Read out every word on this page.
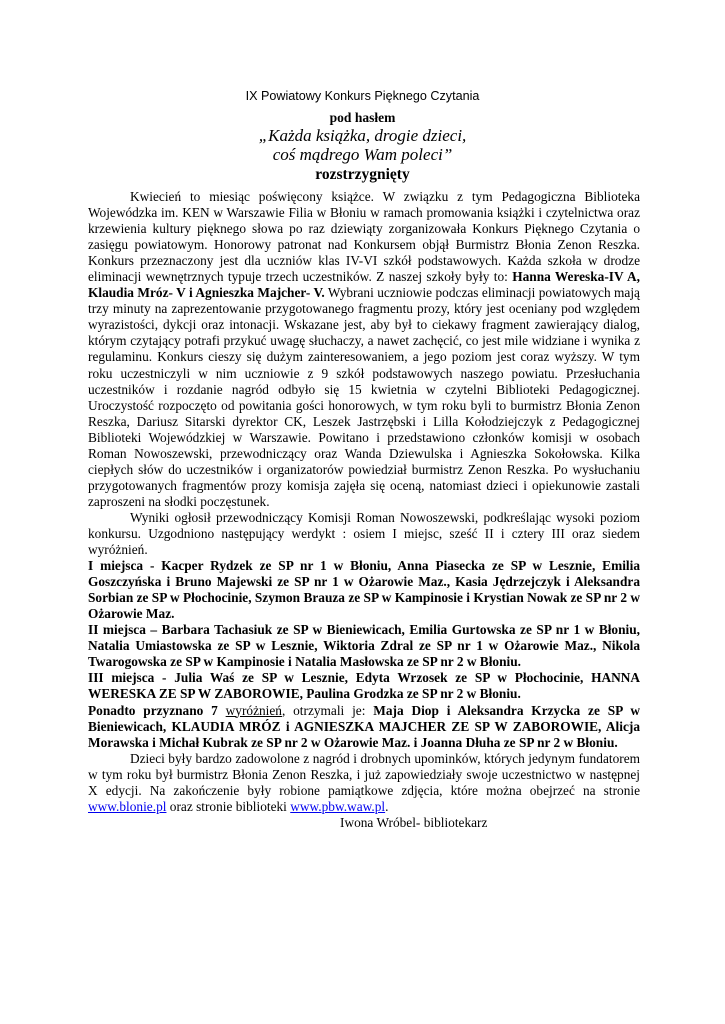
IX Powiatowy Konkurs Pięknego Czytania
pod hasłem
„Każda książka, drogie dzieci,
coś mądrego Wam poleci”
rozstrzygnięty

Kwiecień to miesiąc poświęcony książce. W związku z tym Pedagogiczna Biblioteka Wojewódzka im. KEN w Warszawie Filia w Błoniu w ramach promowania książki i czytelnictwa oraz krzewienia kultury pięknego słowa po raz dziewiąty zorganizowała Konkurs Pięknego Czytania o zasięgu powiatowym. Honorowy patronat nad Konkursem objął Burmistrz Błonia Zenon Reszka. Konkurs przeznaczony jest dla uczniów klas IV-VI szkół podstawowych. Każda szkoła w drodze eliminacji wewnętrznych typuje trzech uczestników. Z naszej szkoły były to: Hanna Wereska-IV A, Klaudia Mróz- V i Agnieszka Majcher- V. Wybrani uczniowie podczas eliminacji powiatowych mają trzy minuty na zaprezentowanie przygotowanego fragmentu prozy, który jest oceniany pod względem wyrazistości, dykcji oraz intonacji. Wskazane jest, aby był to ciekawy fragment zawierający dialog, którym czytający potrafi przykuć uwagę słuchaczy, a nawet zachęcić, co jest mile widziane i wynika z regulaminu. Konkurs cieszy się dużym zainteresowaniem, a jego poziom jest coraz wyższy. W tym roku uczestniczyli w nim uczniowie z 9 szkół podstawowych naszego powiatu. Przesłuchania uczestników i rozdanie nagród odbyło się 15 kwietnia w czytelni Biblioteki Pedagogicznej. Uroczystość rozpoczęto od powitania gości honorowych, w tym roku byli to burmistrz Błonia Zenon Reszka, Dariusz Sitarski dyrektor CK, Leszek Jastrzębski i Lilla Kołodziejczyk z Pedagogicznej Biblioteki Wojewódzkiej w Warszawie. Powitano i przedstawiono członków komisji w osobach Roman Nowoszewski, przewodniczący oraz Wanda Dziewulska i Agnieszka Sokołowska. Kilka ciepłych słów do uczestników i organizatorów powiedział burmistrz Zenon Reszka. Po wysłuchaniu przygotowanych fragmentów prozy komisja zajęła się oceną, natomiast dzieci i opiekunowie zastali zaproszeni na słodki poczęstunek.

Wyniki ogłosił przewodniczący Komisji Roman Nowoszewski, podkreślając wysoki poziom konkursu. Uzgodniono następujący werdykt : osiem I miejsc, sześć II i cztery III oraz siedem wyróżnień.

I miejsca - Kacper Rydzek ze SP nr 1 w Błoniu, Anna Piasecka ze SP w Lesznie, Emilia Goszczyńska i Bruno Majewski ze SP nr 1 w Ożarowie Maz., Kasia Jędrzejczyk i Aleksandra Sorbian ze SP w Płochocinie, Szymon Brauza ze SP w Kampinosie i Krystian Nowak ze SP nr 2 w Ożarowie Maz.

II miejsca – Barbara Tachasiuk ze SP w Bieniewicach, Emilia Gurtowska ze SP nr 1 w Błoniu, Natalia Umiastowska ze SP w Lesznie, Wiktoria Zdral ze SP nr 1 w Ożarowie Maz., Nikola Twarogowska ze SP w Kampinosie i Natalia Masłowska ze SP nr 2 w Błoniu.

III miejsca - Julia Waś ze SP w Lesznie, Edyta Wrzosek ze SP w Płochocinie, HANNA WERESKA ZE SP W ZABOROWIE, Paulina Grodzka ze SP nr 2 w Błoniu.

Ponadto przyznano 7 wyróżnień, otrzymali je: Maja Diop i Aleksandra Krzycka ze SP w Bieniewicach, KLAUDIA MRÓZ i AGNIESZKA MAJCHER ZE SP W ZABOROWIE, Alicja Morawska i Michał Kubrak ze SP nr 2 w Ożarowie Maz. i Joanna Dłuha ze SP nr 2 w Błoniu.

Dzieci były bardzo zadowolone z nagród i drobnych upominków, których jedynym fundatorem w tym roku był burmistrz Błonia Zenon Reszka, i już zapowiedziały swoje uczestnictwo w następnej X edycji. Na zakończenie były robione pamiątkowe zdjęcia, które można obejrzeć na stronie www.blonie.pl oraz stronie biblioteki www.pbw.waw.pl.

Iwona Wróbel- bibliotekarz
